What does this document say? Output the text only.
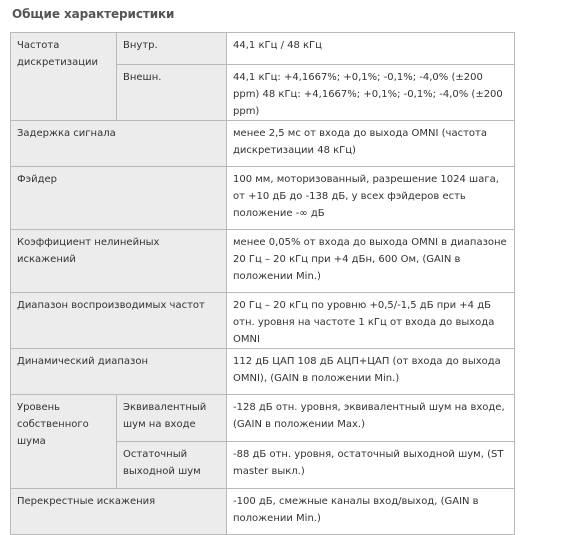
Общие характеристики
Частота дискретизации	Внутр.	44,1 кГц / 48 кГц
	Внешн.	44,1 кГц: +4,1667%; +0,1%; -0,1%; -4,0% (±200 ppm) 48 кГц: +4,1667%; +0,1%; -0,1%; -4,0% (±200 ppm)
Задержка сигнала		менее 2,5 мс от входа до выхода OMNI (частота дискретизации 48 кГц)
Фэйдер		100 мм, моторизованный, разрешение 1024 шага, от +10 дБ до -138 дБ, у всех фэйдеров есть положение -∞ дБ
Коэффициент нелинейных искажений		менее 0,05% от входа до выхода OMNI в диапазоне 20 Гц – 20 кГц при +4 дБн, 600 Ом, (GAIN в положении Min.)
Диапазон воспроизводимых частот		20 Гц – 20 кГц по уровню +0,5/-1,5 дБ при +4 дБ отн. уровня на частоте 1 кГц от входа до выхода OMNI
Динамический диапазон		112 дБ ЦАП 108 дБ АЦП+ЦАП (от входа до выхода OMNI), (GAIN в положении Min.)
Уровень собственного шума	Эквивалентный шум на входе	-128 дБ отн. уровня, эквивалентный шум на входе, (GAIN в положении Max.)
	Остаточный выходной шум	-88 дБ отн. уровня, остаточный выходной шум, (ST master выкл.)
Перекрестные искажения		-100 дБ, смежные каналы вход/выход, (GAIN в положении Min.)
